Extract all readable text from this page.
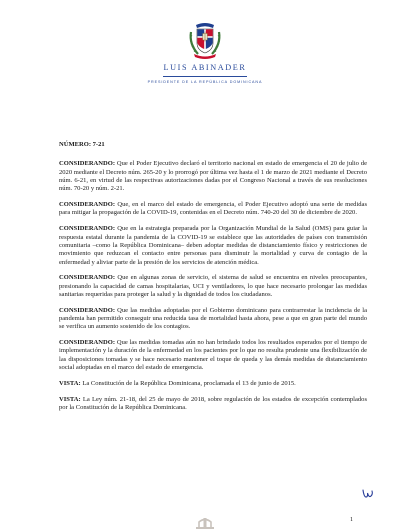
LUIS ABINADER
PRESIDENTE DE LA REPÚBLICA DOMINICANA

NÚMERO: 7-21

CONSIDERANDO: Que el Poder Ejecutivo declaró el territorio nacional en estado de emergencia el 20 de julio de 2020 mediante el Decreto núm. 265-20 y lo prorrogó por última vez hasta el 1 de marzo de 2021 mediante el Decreto núm. 6-21, en virtud de las respectivas autorizaciones dadas por el Congreso Nacional a través de sus resoluciones núm. 70-20 y núm. 2-21.

CONSIDERANDO: Que, en el marco del estado de emergencia, el Poder Ejecutivo adoptó una serie de medidas para mitigar la propagación de la COVID-19, contenidas en el Decreto núm. 740-20 del 30 de diciembre de 2020.

CONSIDERANDO: Que en la estrategia preparada por la Organización Mundial de la Salud (OMS) para guiar la respuesta estatal durante la pandemia de la COVID-19 se establece que las autoridades de países con transmisión comunitaria –como la República Dominicana– deben adoptar medidas de distanciamiento físico y restricciones de movimiento que reduzcan el contacto entre personas para disminuir la mortalidad y curva de contagio de la enfermedad y aliviar parte de la presión de los servicios de atención médica.

CONSIDERANDO: Que en algunas zonas de servicio, el sistema de salud se encuentra en niveles preocupantes, presionando la capacidad de camas hospitalarias, UCI y ventiladores, lo que hace necesario prolongar las medidas sanitarias requeridas para proteger la salud y la dignidad de todos los ciudadanos.

CONSIDERANDO: Que las medidas adoptadas por el Gobierno dominicano para contrarrestar la incidencia de la pandemia han permitido conseguir una reducida tasa de mortalidad hasta ahora, pese a que en gran parte del mundo se verifica un aumento sostenido de los contagios.

CONSIDERANDO: Que las medidas tomadas aún no han brindado todos los resultados esperados por el tiempo de implementación y la duración de la enfermedad en los pacientes por lo que no resulta prudente una flexibilización de las disposiciones tomadas y se hace necesario mantener el toque de queda y las demás medidas de distanciamiento social adoptadas en el marco del estado de emergencia.

VISTA: La Constitución de la República Dominicana, proclamada el 13 de junio de 2015.

VISTA: La Ley núm. 21-18, del 25 de mayo de 2018, sobre regulación de los estados de excepción contemplados por la Constitución de la República Dominicana.

1
